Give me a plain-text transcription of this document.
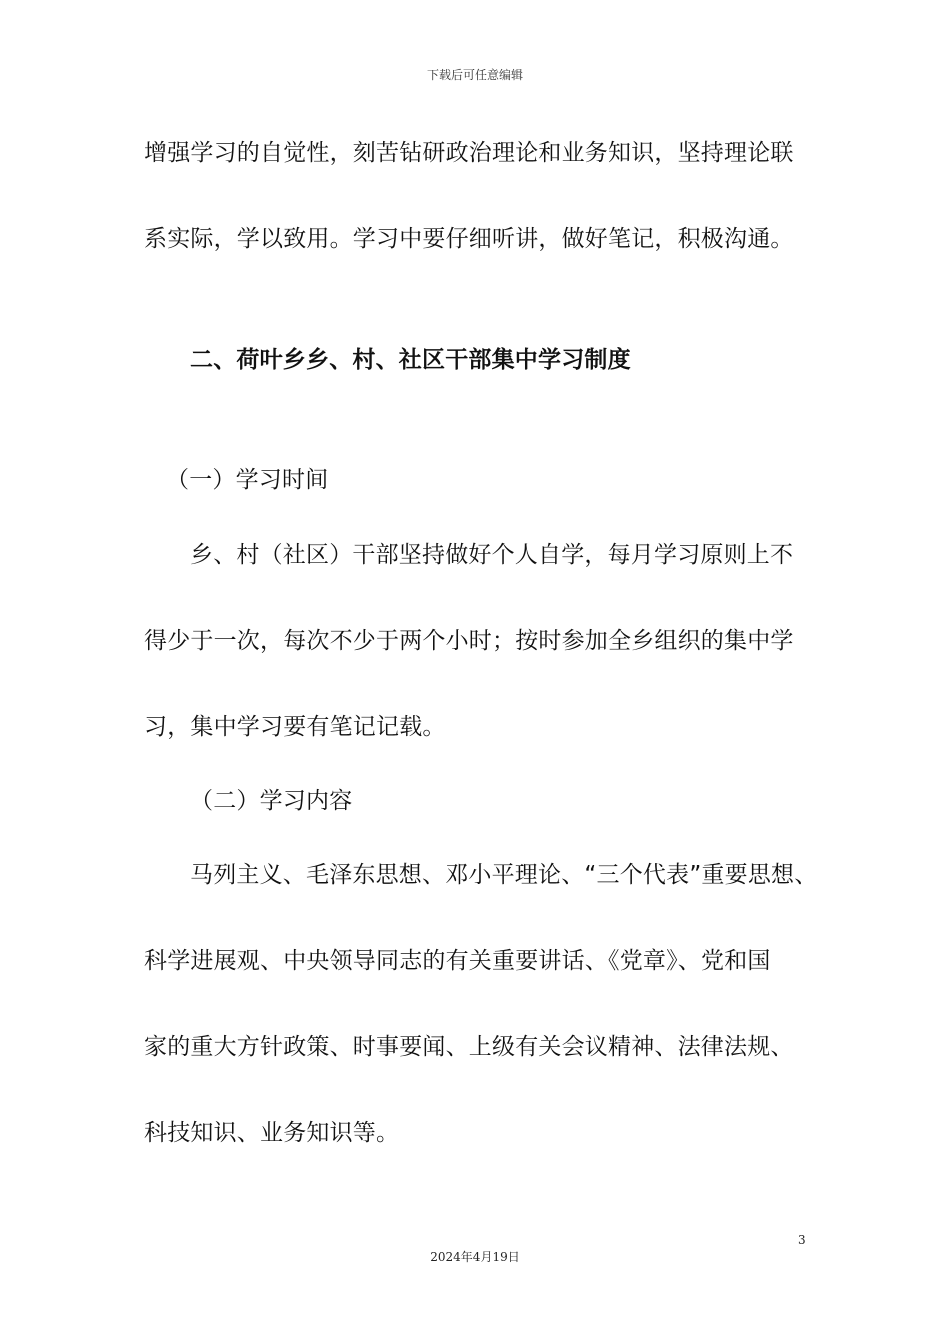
下载后可任意编辑
增强学习的自觉性，刻苦钻研政治理论和业务知识，坚持理论联
系实际，学以致用。学习中要仔细听讲，做好笔记，积极沟通。
二、荷叶乡乡、村、社区干部集中学习制度
（一）学习时间
乡、村（社区）干部坚持做好个人自学，每月学习原则上不
得少于一次，每次不少于两个小时；按时参加全乡组织的集中学
习，集中学习要有笔记记载。
（二）学习内容
马列主义、毛泽东思想、邓小平理论、“三个代表”重要思想、
科学进展观、中央领导同志的有关重要讲话、《党章》、党和国
家的重大方针政策、时事要闻、上级有关会议精神、法律法规、
科技知识、业务知识等。
3
2024年4月19日
